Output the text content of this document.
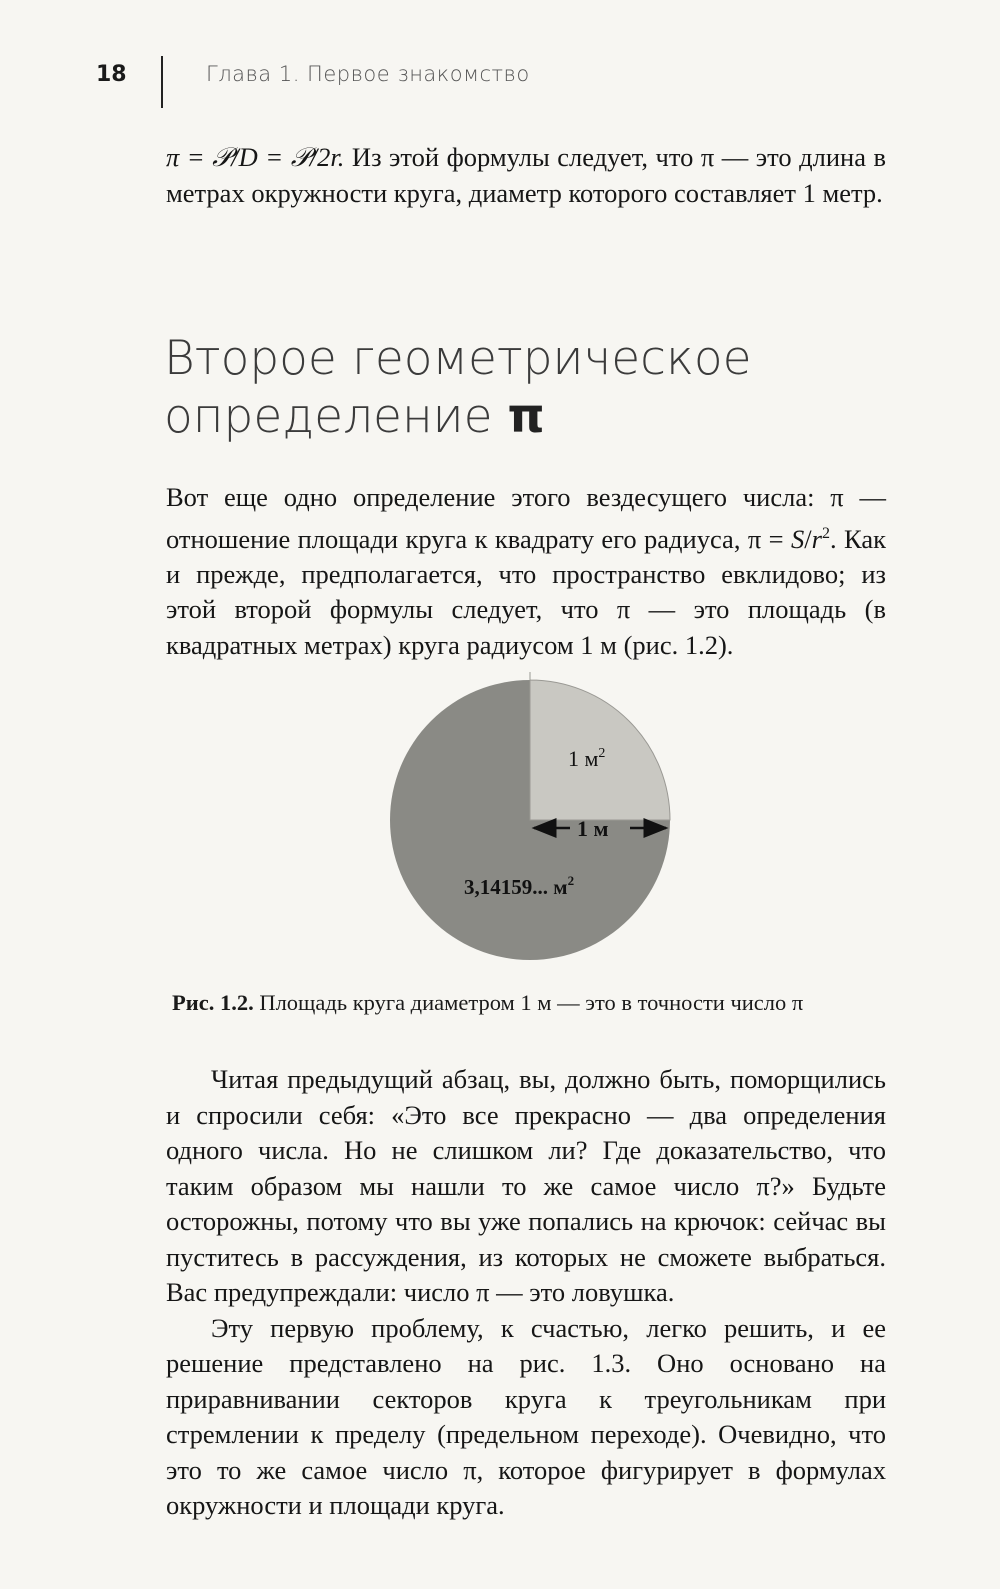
18	Глава 1. Первое знакомство

π = 𝒫/D = 𝒫/2r. Из этой формулы следует, что π — это длина в метрах окружности круга, диаметр которого составляет 1 метр.

Второе геометрическое
определение π

Вот еще одно определение этого вездесущего числа: π — отношение площади круга к квадрату его радиуса, $\pi = S/r^2$. Как и прежде, предполагается, что пространство евклидово; из этой второй формулы следует, что π — это площадь (в квадратных метрах) круга радиусом 1 м (рис. 1.2).

1 $м^2$
1 м
3,14159... $м^2$
Рис. 1.2. Площадь круга диаметром 1 м — это в точности число π

Читая предыдущий абзац, вы, должно быть, поморщились и спросили себя: «Это все прекрасно — два определения одного числа. Но не слишком ли? Где доказательство, что таким образом мы нашли то же самое число π?» Будьте осторожны, потому что вы уже попались на крючок: сейчас вы пуститесь в рассуждения, из которых не сможете выбраться. Вас предупреждали: число π — это ловушка.

Эту первую проблему, к счастью, легко решить, и ее решение представлено на рис. 1.3. Оно основано на приравнивании секторов круга к треугольникам при стремлении к пределу (предельном переходе). Очевидно, что это то же самое число π, которое фигурирует в формулах окружности и площади круга.
